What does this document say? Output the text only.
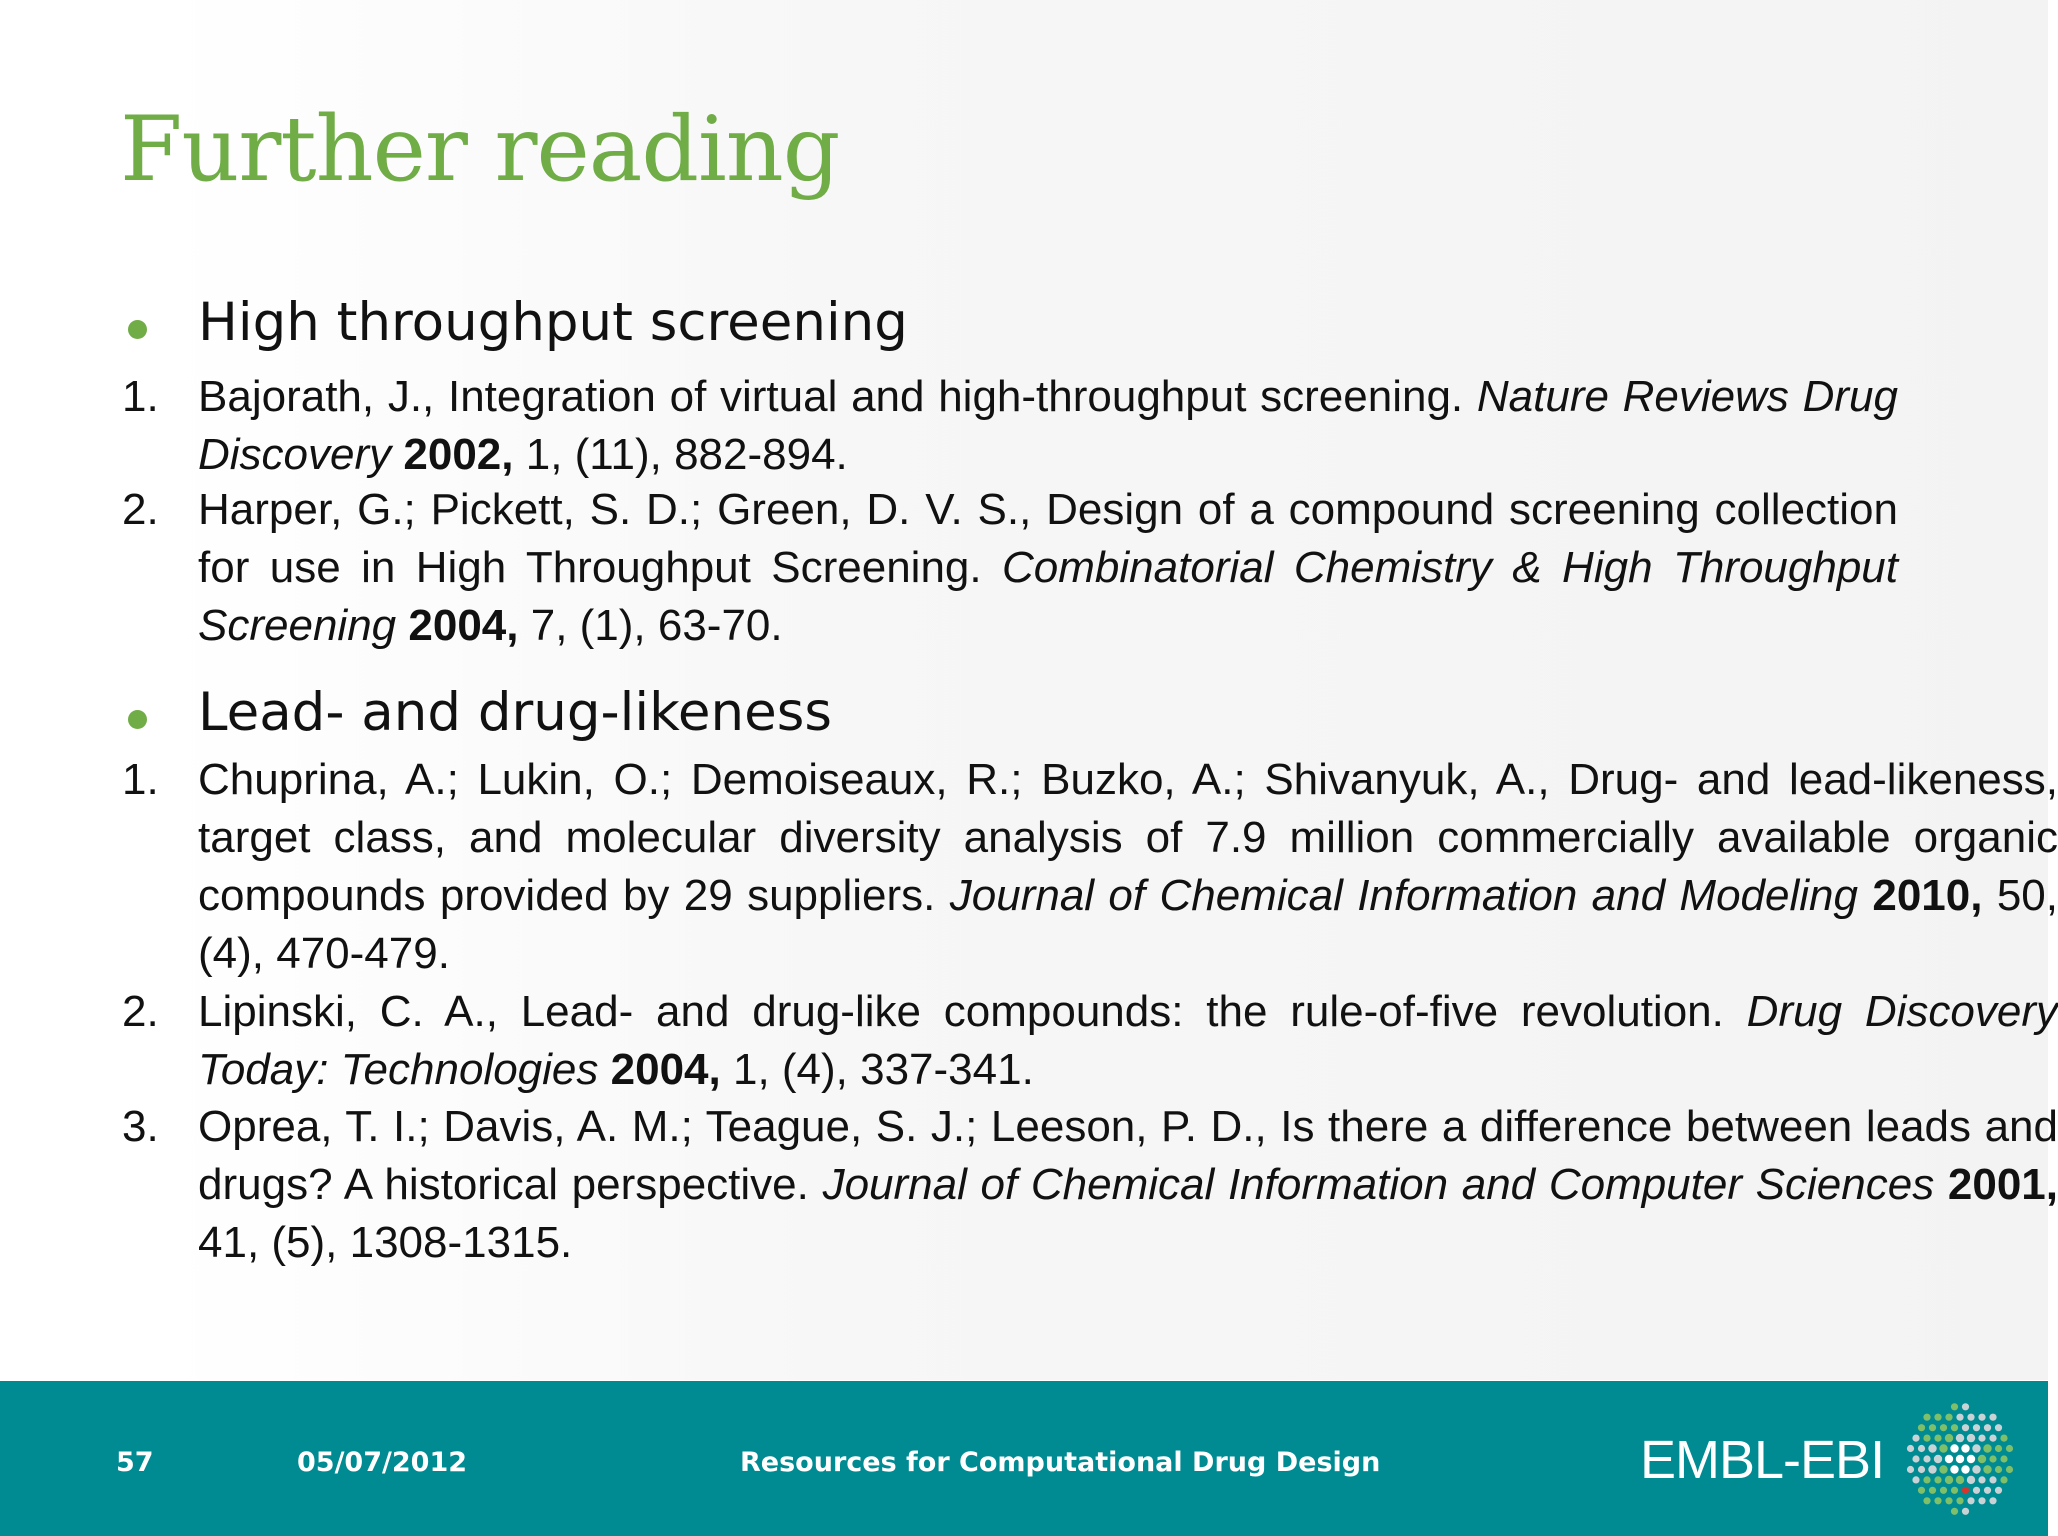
Further reading
High throughput screening
1. Bajorath, J., Integration of virtual and high-throughput screening. Nature Reviews Drug Discovery 2002, 1, (11), 882-894.
2. Harper, G.; Pickett, S. D.; Green, D. V. S., Design of a compound screening collection for use in High Throughput Screening. Combinatorial Chemistry & High Throughput Screening 2004, 7, (1), 63-70.
Lead- and drug-likeness
1. Chuprina, A.; Lukin, O.; Demoiseaux, R.; Buzko, A.; Shivanyuk, A., Drug- and lead-likeness, target class, and molecular diversity analysis of 7.9 million commercially available organic compounds provided by 29 suppliers. Journal of Chemical Information and Modeling 2010, 50, (4), 470-479.
2. Lipinski, C. A., Lead- and drug-like compounds: the rule-of-five revolution. Drug Discovery Today: Technologies 2004, 1, (4), 337-341.
3. Oprea, T. I.; Davis, A. M.; Teague, S. J.; Leeson, P. D., Is there a difference between leads and drugs? A historical perspective. Journal of Chemical Information and Computer Sciences 2001, 41, (5), 1308-1315.
57	05/07/2012	Resources for Computational Drug Design	EMBL-EBI
